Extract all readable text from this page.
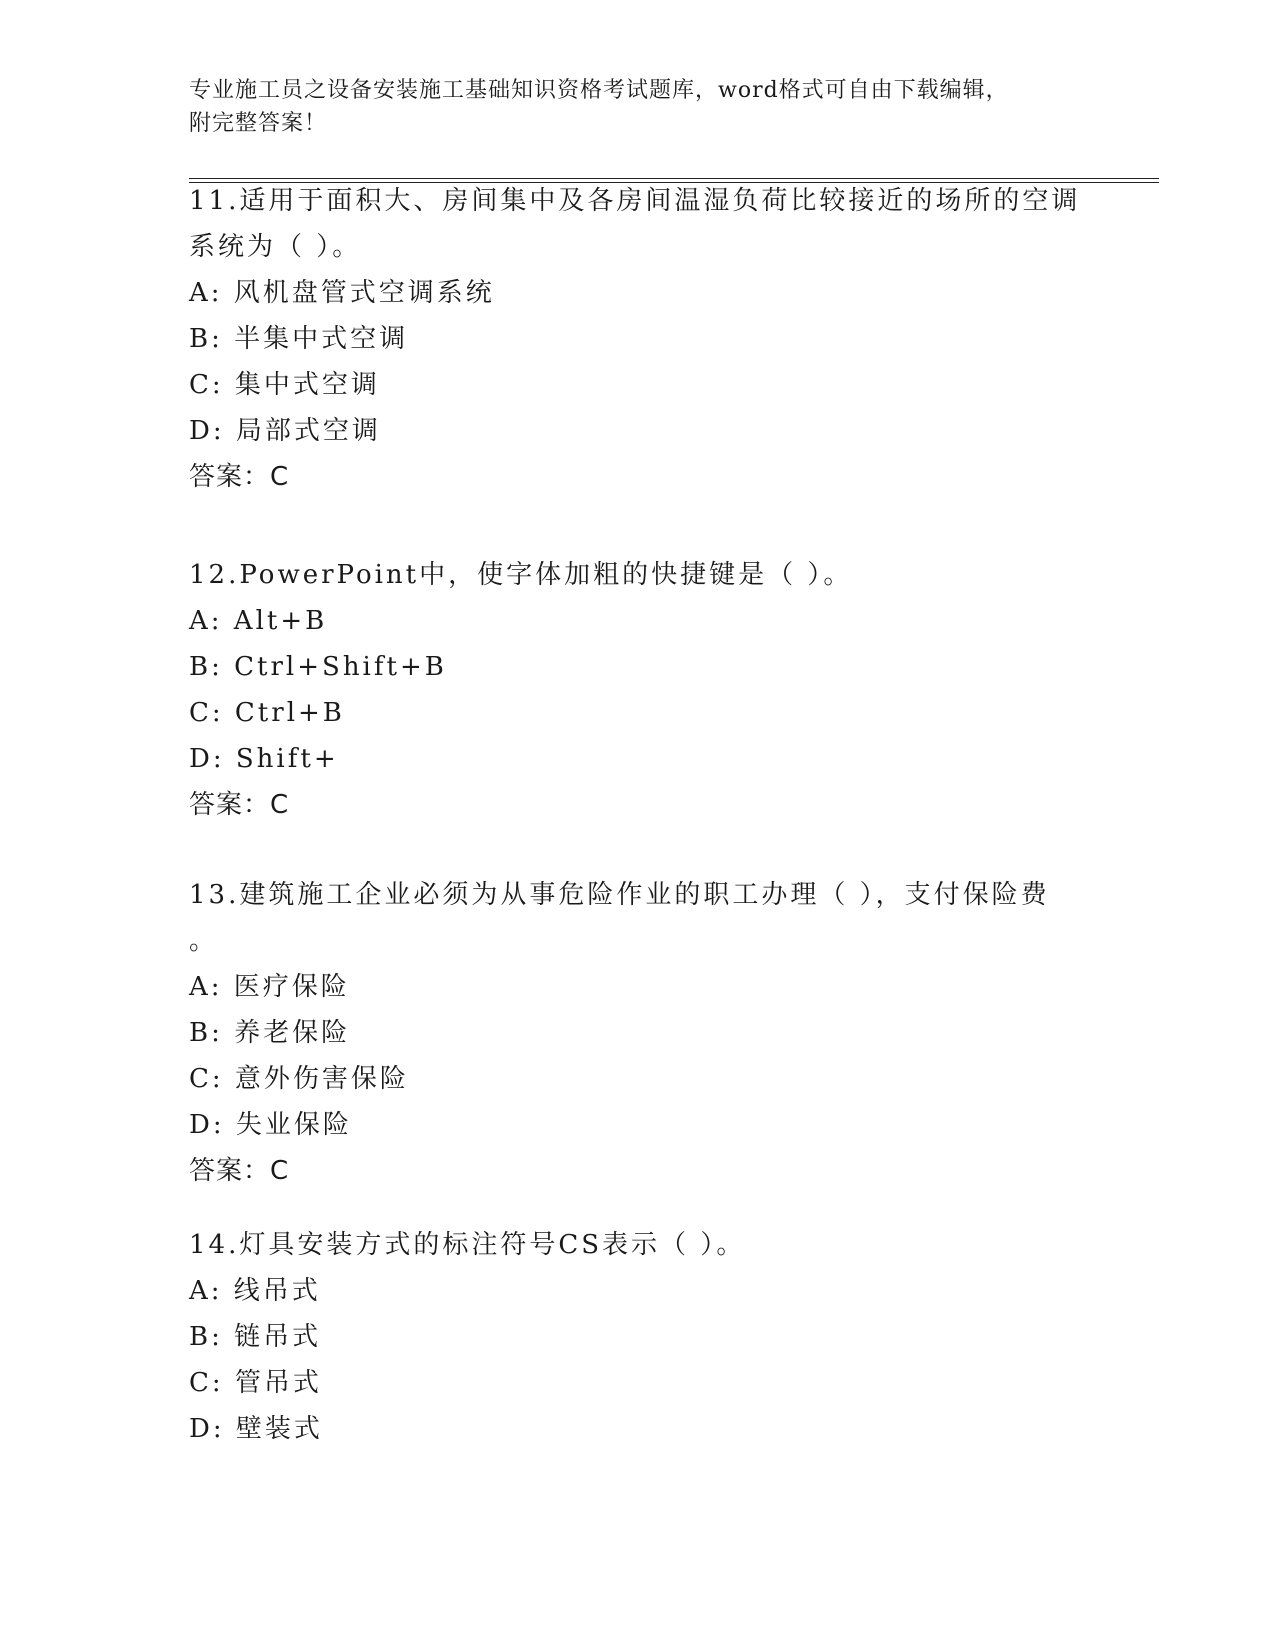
专业施工员之设备安装施工基础知识资格考试题库，word格式可自由下载编辑，
附完整答案！
11.适用于面积大、房间集中及各房间温湿负荷比较接近的场所的空调
系统为（ ）。
A: 风机盘管式空调系统
B: 半集中式空调
C: 集中式空调
D: 局部式空调
答案：C
12.PowerPoint中，使字体加粗的快捷键是（ ）。
A: Alt+B
B: Ctrl+Shift+B
C: Ctrl+B
D: Shift+
答案：C
13.建筑施工企业必须为从事危险作业的职工办理（ ），支付保险费
。
A: 医疗保险
B: 养老保险
C: 意外伤害保险
D: 失业保险
答案：C
14.灯具安装方式的标注符号CS表示（ ）。
A: 线吊式
B: 链吊式
C: 管吊式
D: 壁装式
